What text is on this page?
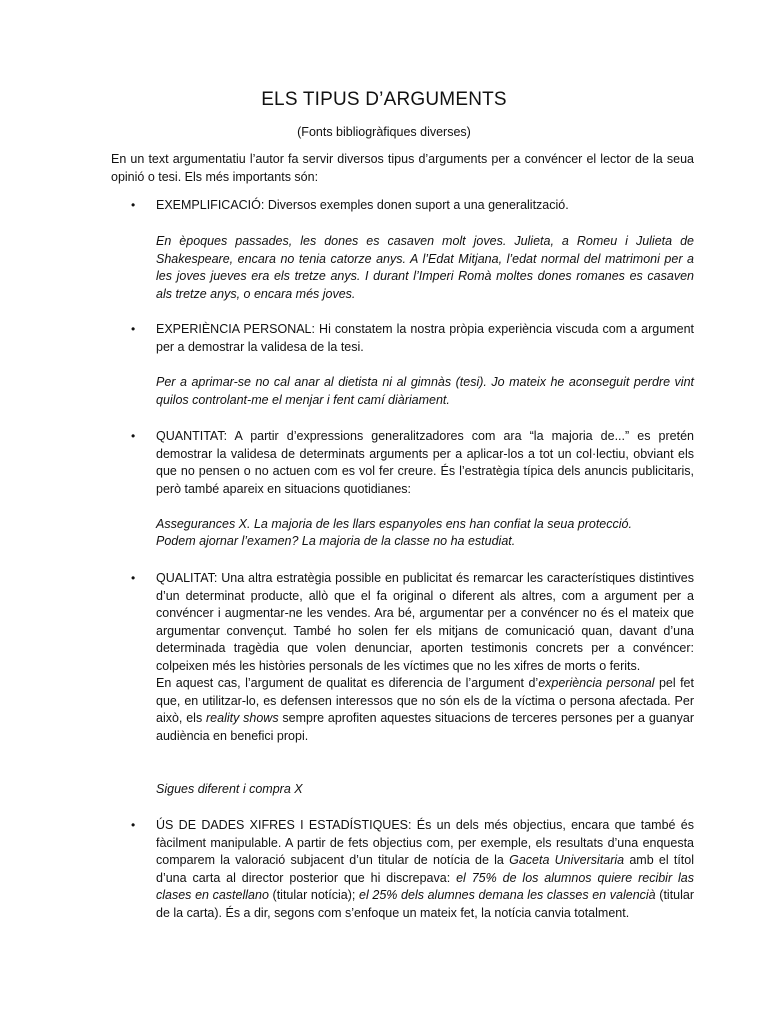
ELS TIPUS D’ARGUMENTS
(Fonts bibliogràfiques diverses)

En un text argumentatiu l’autor fa servir diversos tipus d’arguments per a convéncer el lector de la seua opinió o tesi. Els més importants són:

• EXEMPLIFICACIÓ: Diversos exemples donen suport a una generalització.

En èpoques passades, les dones es casaven molt joves. Julieta, a Romeu i Julieta de Shakespeare, encara no tenia catorze anys. A l’Edat Mitjana, l’edat normal del matrimoni per a les joves jueves era els tretze anys. I durant l’Imperi Romà moltes dones romanes es casaven als tretze anys, o encara més joves.

• EXPERIÈNCIA PERSONAL: Hi constatem la nostra pròpia experiència viscuda com a argument per a demostrar la validesa de la tesi.

Per a aprimar-se no cal anar al dietista ni al gimnàs (tesi). Jo mateix he aconseguit perdre vint quilos controlant-me el menjar i fent camí diàriament.

• QUANTITAT: A partir d’expressions generalitzadores com ara “la majoria de...” es pretén demostrar la validesa de determinats arguments per a aplicar-los a tot un col·lectiu, obviant els que no pensen o no actuen com es vol fer creure. És l’estratègia típica dels anuncis publicitaris, però també apareix en situacions quotidianes:

Assegurances X. La majoria de les llars espanyoles ens han confiat la seua protecció.

Podem ajornar l’examen? La majoria de la classe no ha estudiat.

• QUALITAT: Una altra estratègia possible en publicitat és remarcar les característiques distintives d’un determinat producte, allò que el fa original o diferent als altres, com a argument per a convéncer i augmentar-ne les vendes. Ara bé, argumentar per a convéncer no és el mateix que argumentar convençut. També ho solen fer els mitjans de comunicació quan, davant d’una determinada tragèdia que volen denunciar, aporten testimonis concrets per a convéncer: colpeixen més les històries personals de les víctimes que no les xifres de morts o ferits.

En aquest cas, l’argument de qualitat es diferencia de l’argument d’experiència personal pel fet que, en utilitzar-lo, es defensen interessos que no són els de la víctima o persona afectada. Per això, els reality shows sempre aprofiten aquestes situacions de terceres persones per a guanyar audiència en benefici propi.

Sigues diferent i compra X

• ÚS DE DADES XIFRES I ESTADÍSTIQUES: És un dels més objectius, encara que també és fàcilment manipulable. A partir de fets objectius com, per exemple, els resultats d’una enquesta comparem la valoració subjacent d’un titular de notícia de la Gaceta Universitaria amb el títol d’una carta al director posterior que hi discrepava: el 75% de los alumnos quiere recibir las clases en castellano (titular notícia); el 25% dels alumnes demana les classes en valencià (titular de la carta). És a dir, segons com s’enfoque un mateix fet, la notícia canvia totalment.
